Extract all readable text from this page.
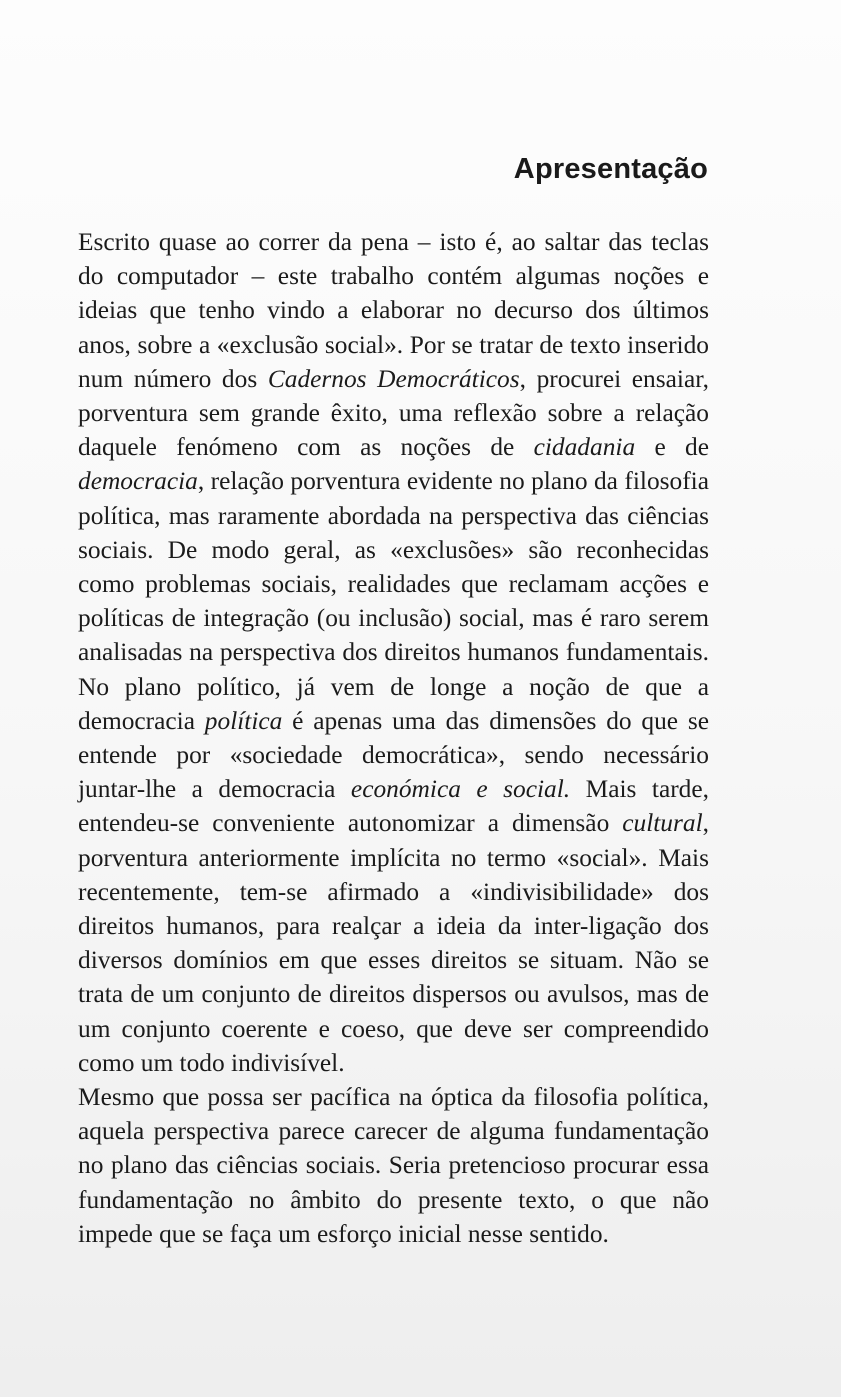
Apresentação

Escrito quase ao correr da pena – isto é, ao saltar das teclas do computador – este trabalho contém algumas noções e ideias que tenho vindo a elaborar no decurso dos últimos anos, sobre a «exclusão social». Por se tratar de texto inserido num número dos Cadernos Democráticos, procurei ensaiar, porventura sem grande êxito, uma reflexão sobre a relação daquele fenómeno com as noções de cidadania e de democracia, relação porventura evidente no plano da filosofia política, mas raramente abordada na perspectiva das ciências sociais. De modo geral, as «exclusões» são reconhecidas como problemas sociais, realidades que reclamam acções e políticas de integração (ou inclusão) social, mas é raro serem analisadas na perspectiva dos direitos humanos fundamentais. No plano político, já vem de longe a noção de que a democracia política é apenas uma das dimensões do que se entende por «sociedade democrática», sendo necessário juntar-lhe a democracia económica e social. Mais tarde, entendeu-se conveniente autonomizar a dimensão cultural, porventura anteriormente implícita no termo «social». Mais recentemente, tem-se afirmado a «indivisibilidade» dos direitos humanos, para realçar a ideia da inter-ligação dos diversos domínios em que esses direitos se situam. Não se trata de um conjunto de direitos dispersos ou avulsos, mas de um conjunto coerente e coeso, que deve ser compreendido como um todo indivisível.

Mesmo que possa ser pacífica na óptica da filosofia política, aquela perspectiva parece carecer de alguma fundamentação no plano das ciências sociais. Seria pretencioso procurar essa fundamentação no âmbito do presente texto, o que não impede que se faça um esforço inicial nesse sentido.
